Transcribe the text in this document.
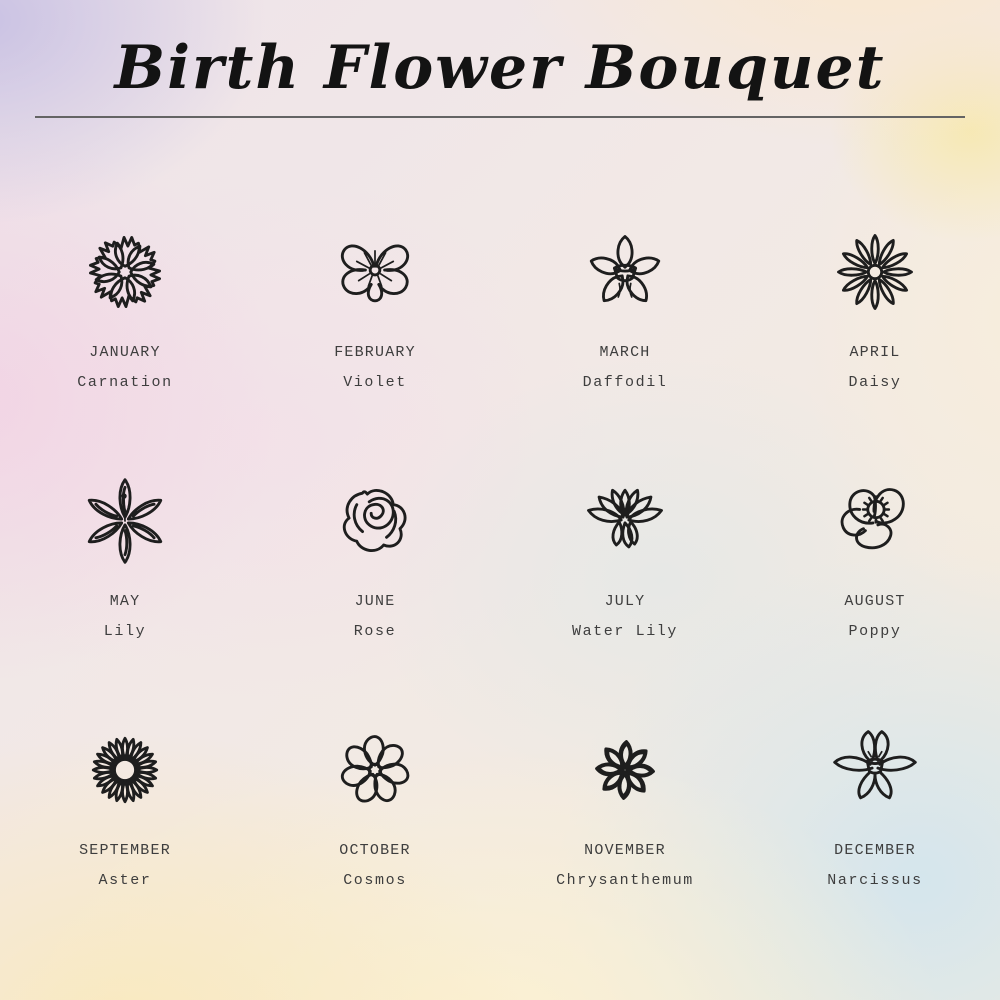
Birth Flower Bouquet
JANUARY
Carnation
FEBRUARY
Violet
MARCH
Daffodil
APRIL
Daisy
MAY
Lily
JUNE
Rose
JULY
Water Lily
AUGUST
Poppy
SEPTEMBER
Aster
OCTOBER
Cosmos
NOVEMBER
Chrysanthemum
DECEMBER
Narcissus
